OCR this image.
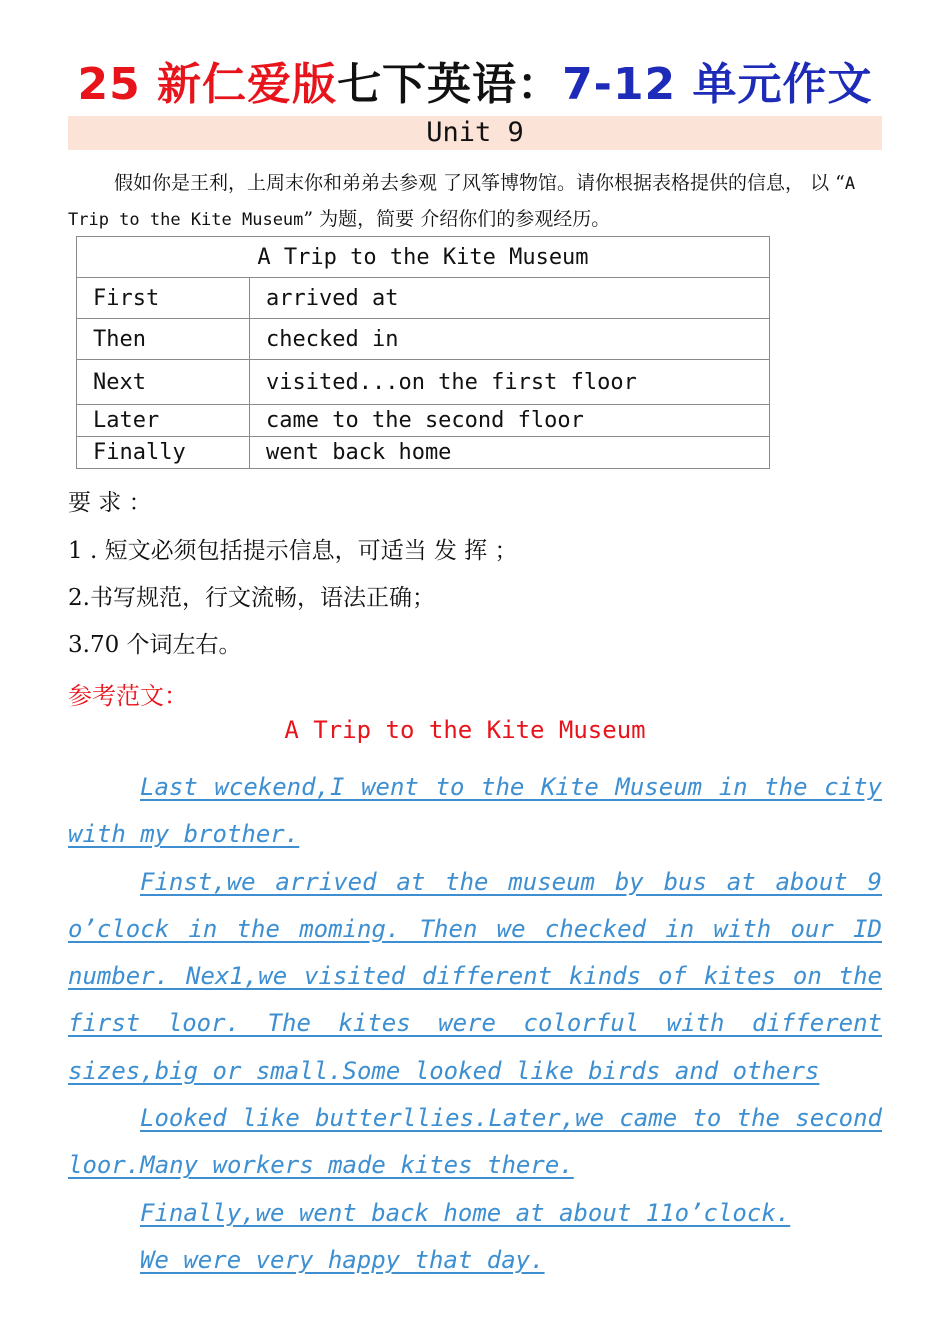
25 新仁爱版七下英语：7-12 单元作文
Unit 9

假如你是王利，上周末你和弟弟去参观 了风筝博物馆。请你根据表格提供的信息， 以 “A Trip to the Kite Museum” 为题，简要 介绍你们的参观经历。

A Trip to the Kite Museum	
First	arrived at
Then	checked in
Next	visited...on the first floor
Later	came to the second floor
Finally	went back home
要 求 ：
1 . 短文必须包括提示信息，可适当 发 挥 ；
2.书写规范，行文流畅，语法正确；
3.70 个词左右。
参考范文：
A Trip to the Kite Museum

Last wcekend,I went to the Kite Museum in the city with my brother.

Finst,we arrived at the museum by bus at about 9 o’clock in the moming. Then we checked in with our ID number. Nex1,we visited different kinds of kites on the first loor. The kites were colorful with different sizes,big or small.Some looked like birds and others

Looked like butterllies.Later,we came to the second loor.Many workers made kites there.

Finally,we went back home at about 11o’clock.

We were very happy that day.
